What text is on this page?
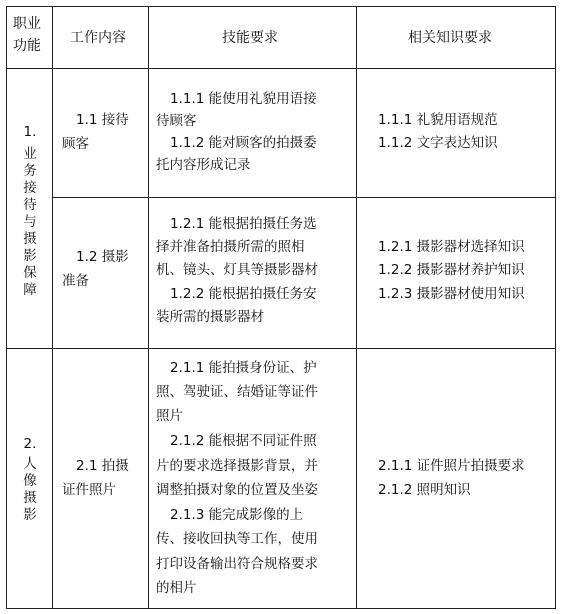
职业
功能 工作内容	技能要求	相关知识要求
1.
业
务
接
待
与
摄
影
保
障
1.1 接待
顾客
1.1.1 能使用礼貌用语接
待顾客
1.1.2 能对顾客的拍摄委
托内容形成记录
1.1.1 礼貌用语规范
1.1.2 文字表达知识
1.2 摄影
准备
1.2.1 能根据拍摄任务选
择并准备拍摄所需的照相
机、镜头、灯具等摄影器材
1.2.2 能根据拍摄任务安
装所需的摄影器材
1.2.1 摄影器材选择知识
1.2.2 摄影器材养护知识
1.2.3 摄影器材使用知识
2.
人
像
摄
影
2.1 拍摄
证件照片
2.1.1 能拍摄身份证、护
照、驾驶证、结婚证等证件
照片
2.1.2 能根据不同证件照
片的要求选择摄影背景，并
调整拍摄对象的位置及坐姿
2.1.3 能完成影像的上
传、接收回执等工作，使用
打印设备输出符合规格要求
的相片
2.1.1 证件照片拍摄要求
2.1.2 照明知识
